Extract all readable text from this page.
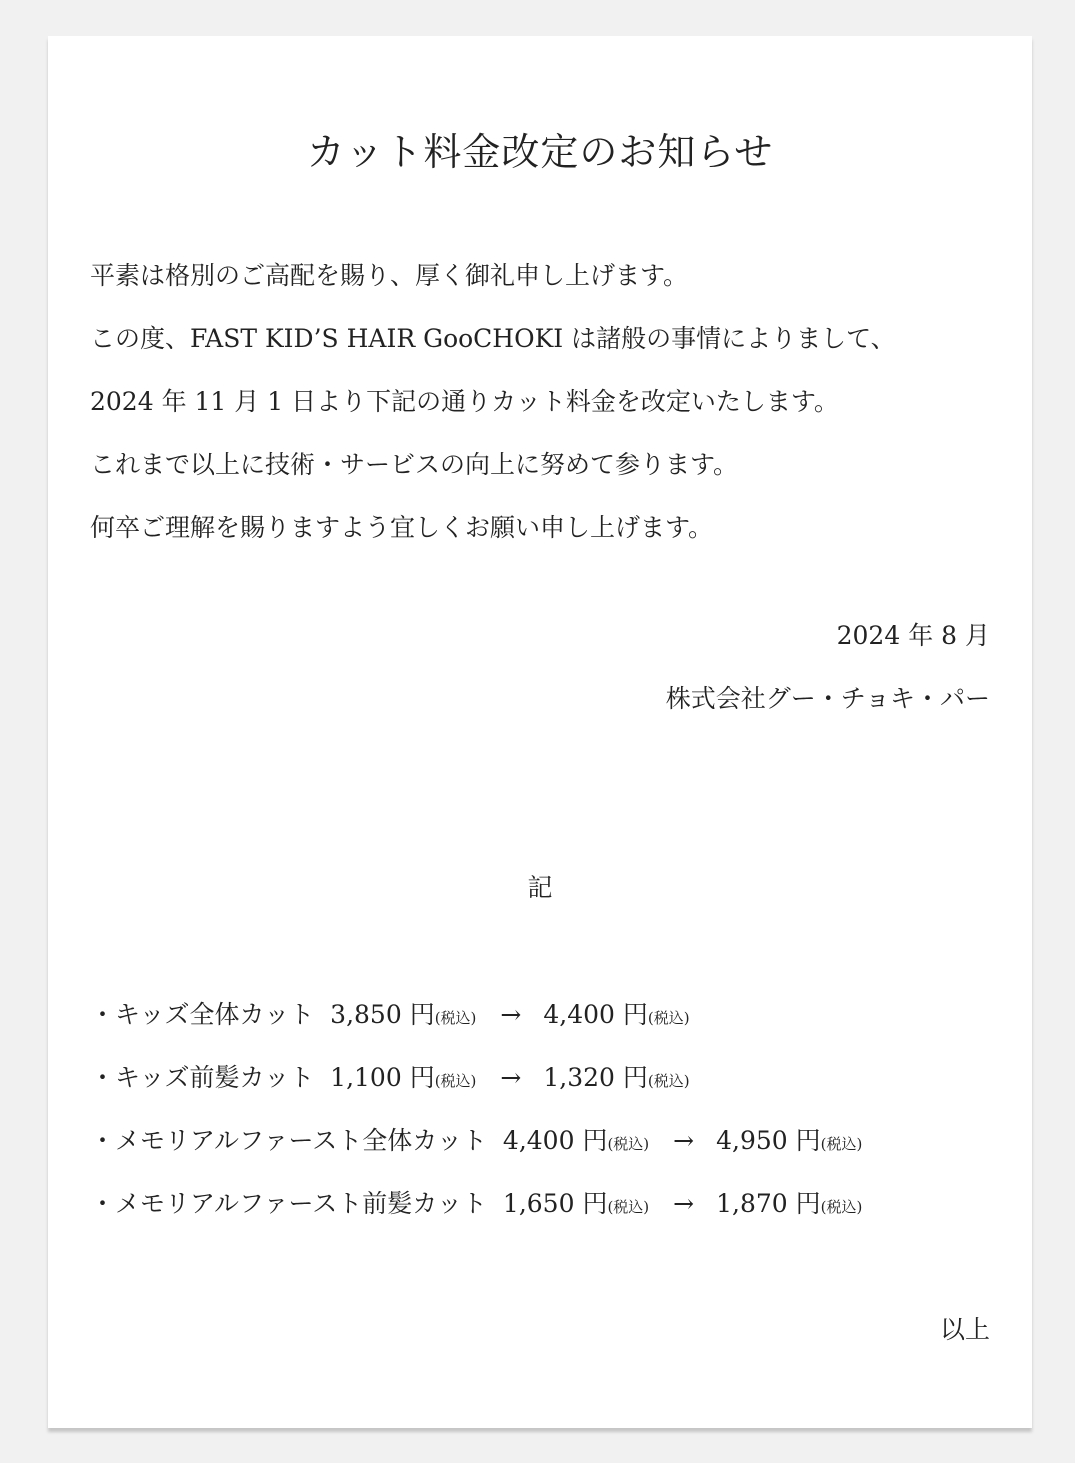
カット料金改定のお知らせ
平素は格別のご高配を賜り、厚く御礼申し上げます。
この度、FAST KID’S HAIR GooCHOKI は諸般の事情によりまして、
2024 年 11 月 1 日より下記の通りカット料金を改定いたします。
これまで以上に技術・サービスの向上に努めて参ります。
何卒ご理解を賜りますよう宜しくお願い申し上げます。
2024 年 8 月
株式会社グー・チョキ・パー
記
・キッズ全体カット 3,850 円(税込) → 4,400 円(税込)
・キッズ前髪カット 1,100 円(税込) → 1,320 円(税込)
・メモリアルファースト全体カット 4,400 円(税込) → 4,950 円(税込)
・メモリアルファースト前髪カット 1,650 円(税込) → 1,870 円(税込)
以上
